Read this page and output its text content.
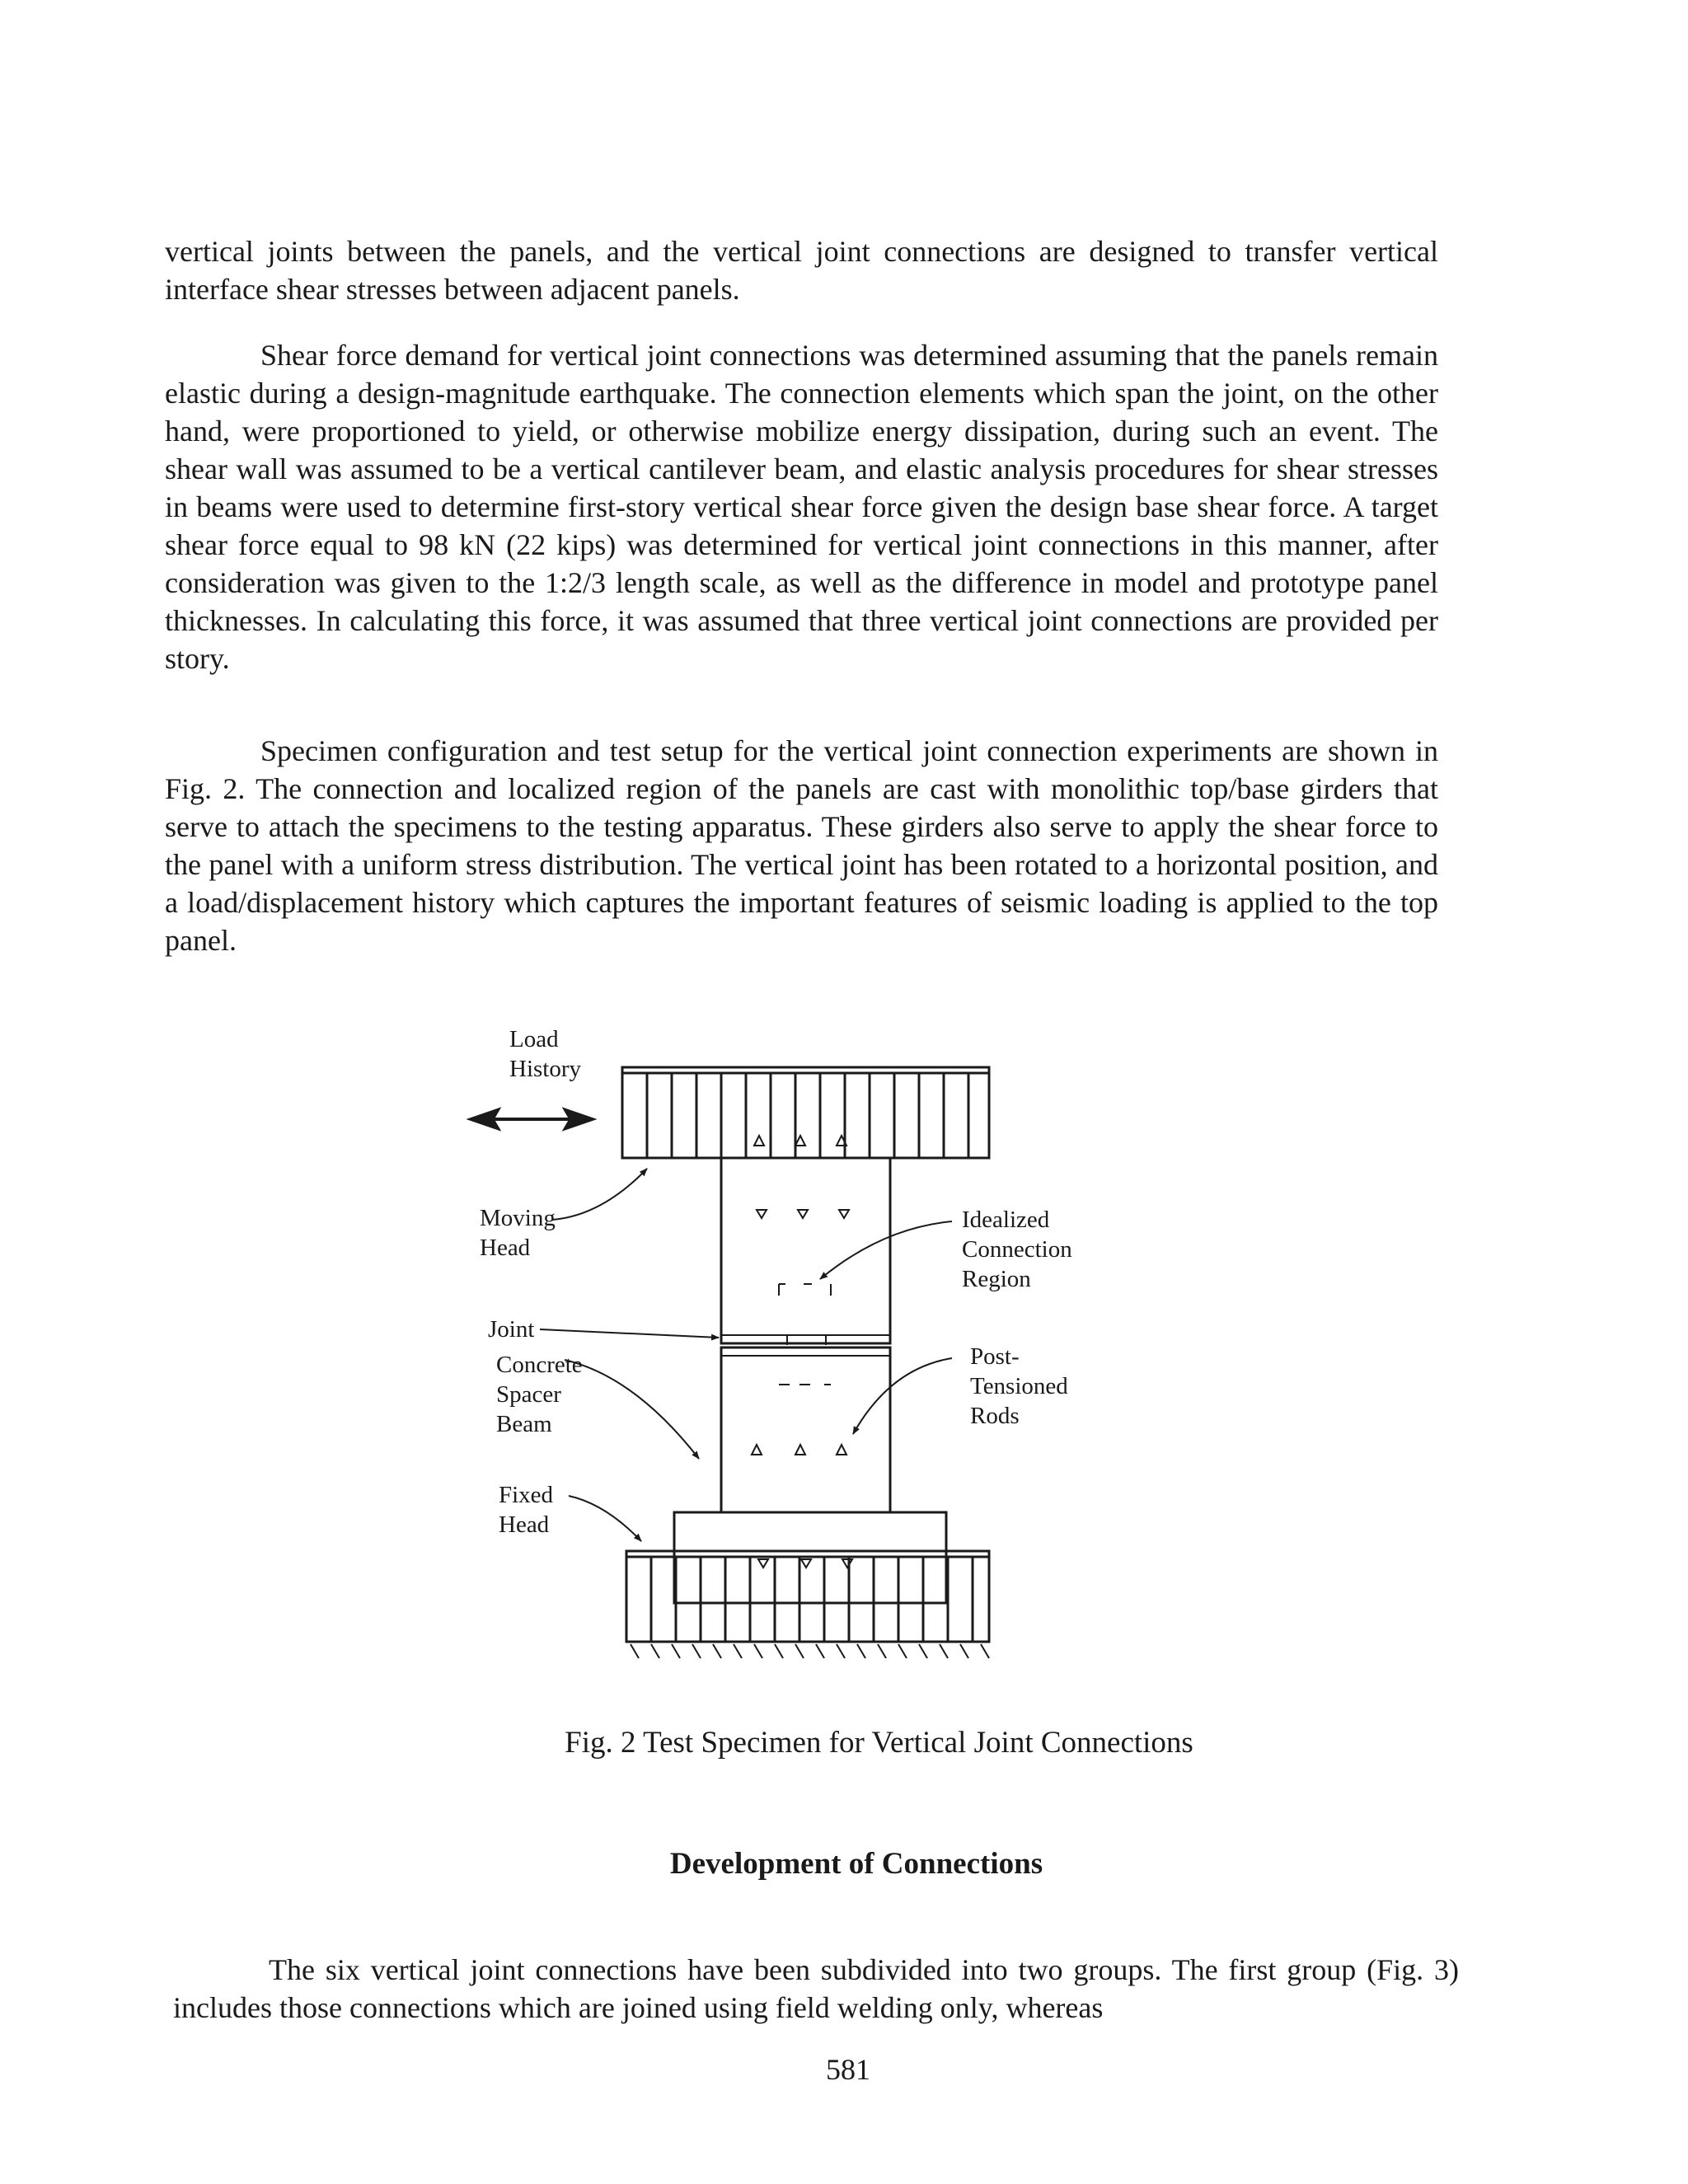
vertical joints between the panels, and the vertical joint connections are designed to transfer vertical interface shear stresses between adjacent panels.

Shear force demand for vertical joint connections was determined assuming that the panels remain elastic during a design-magnitude earthquake. The connection elements which span the joint, on the other hand, were proportioned to yield, or otherwise mobilize energy dissipation, during such an event. The shear wall was assumed to be a vertical cantilever beam, and elastic analysis procedures for shear stresses in beams were used to determine first-story vertical shear force given the design base shear force. A target shear force equal to 98 kN (22 kips) was determined for vertical joint connections in this manner, after consideration was given to the 1:2/3 length scale, as well as the difference in model and prototype panel thicknesses. In calculating this force, it was assumed that three vertical joint connections are provided per story.

Specimen configuration and test setup for the vertical joint connection experiments are shown in Fig. 2. The connection and localized region of the panels are cast with monolithic top/base girders that serve to attach the specimens to the testing apparatus. These girders also serve to apply the shear force to the panel with a uniform stress distribution. The vertical joint has been rotated to a horizontal position, and a load/displacement history which captures the important features of seismic loading is applied to the top panel.

Load
History
Moving
Head
Joint
Concrete
Spacer
Beam
Fixed
Head
Idealized
Connection
Region
Post-
Tensioned
Rods

Fig. 2 Test Specimen for Vertical Joint Connections

Development of Connections

The six vertical joint connections have been subdivided into two groups. The first group (Fig. 3) includes those connections which are joined using field welding only, whereas

581
